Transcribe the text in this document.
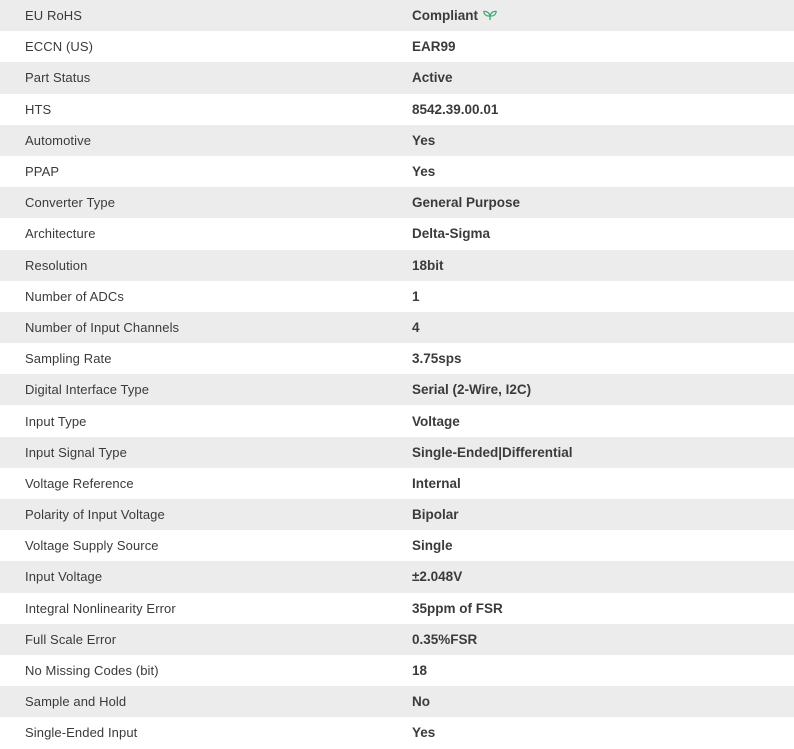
EU RoHS	Compliant
ECCN (US)	EAR99
Part Status	Active
HTS	8542.39.00.01
Automotive	Yes
PPAP	Yes
Converter Type	General Purpose
Architecture	Delta-Sigma
Resolution	18bit
Number of ADCs	1
Number of Input Channels	4
Sampling Rate	3.75sps
Digital Interface Type	Serial (2-Wire, I2C)
Input Type	Voltage
Input Signal Type	Single-Ended|Differential
Voltage Reference	Internal
Polarity of Input Voltage	Bipolar
Voltage Supply Source	Single
Input Voltage	±2.048V
Integral Nonlinearity Error	35ppm of FSR
Full Scale Error	0.35%FSR
No Missing Codes (bit)	18
Sample and Hold	No
Single-Ended Input	Yes
